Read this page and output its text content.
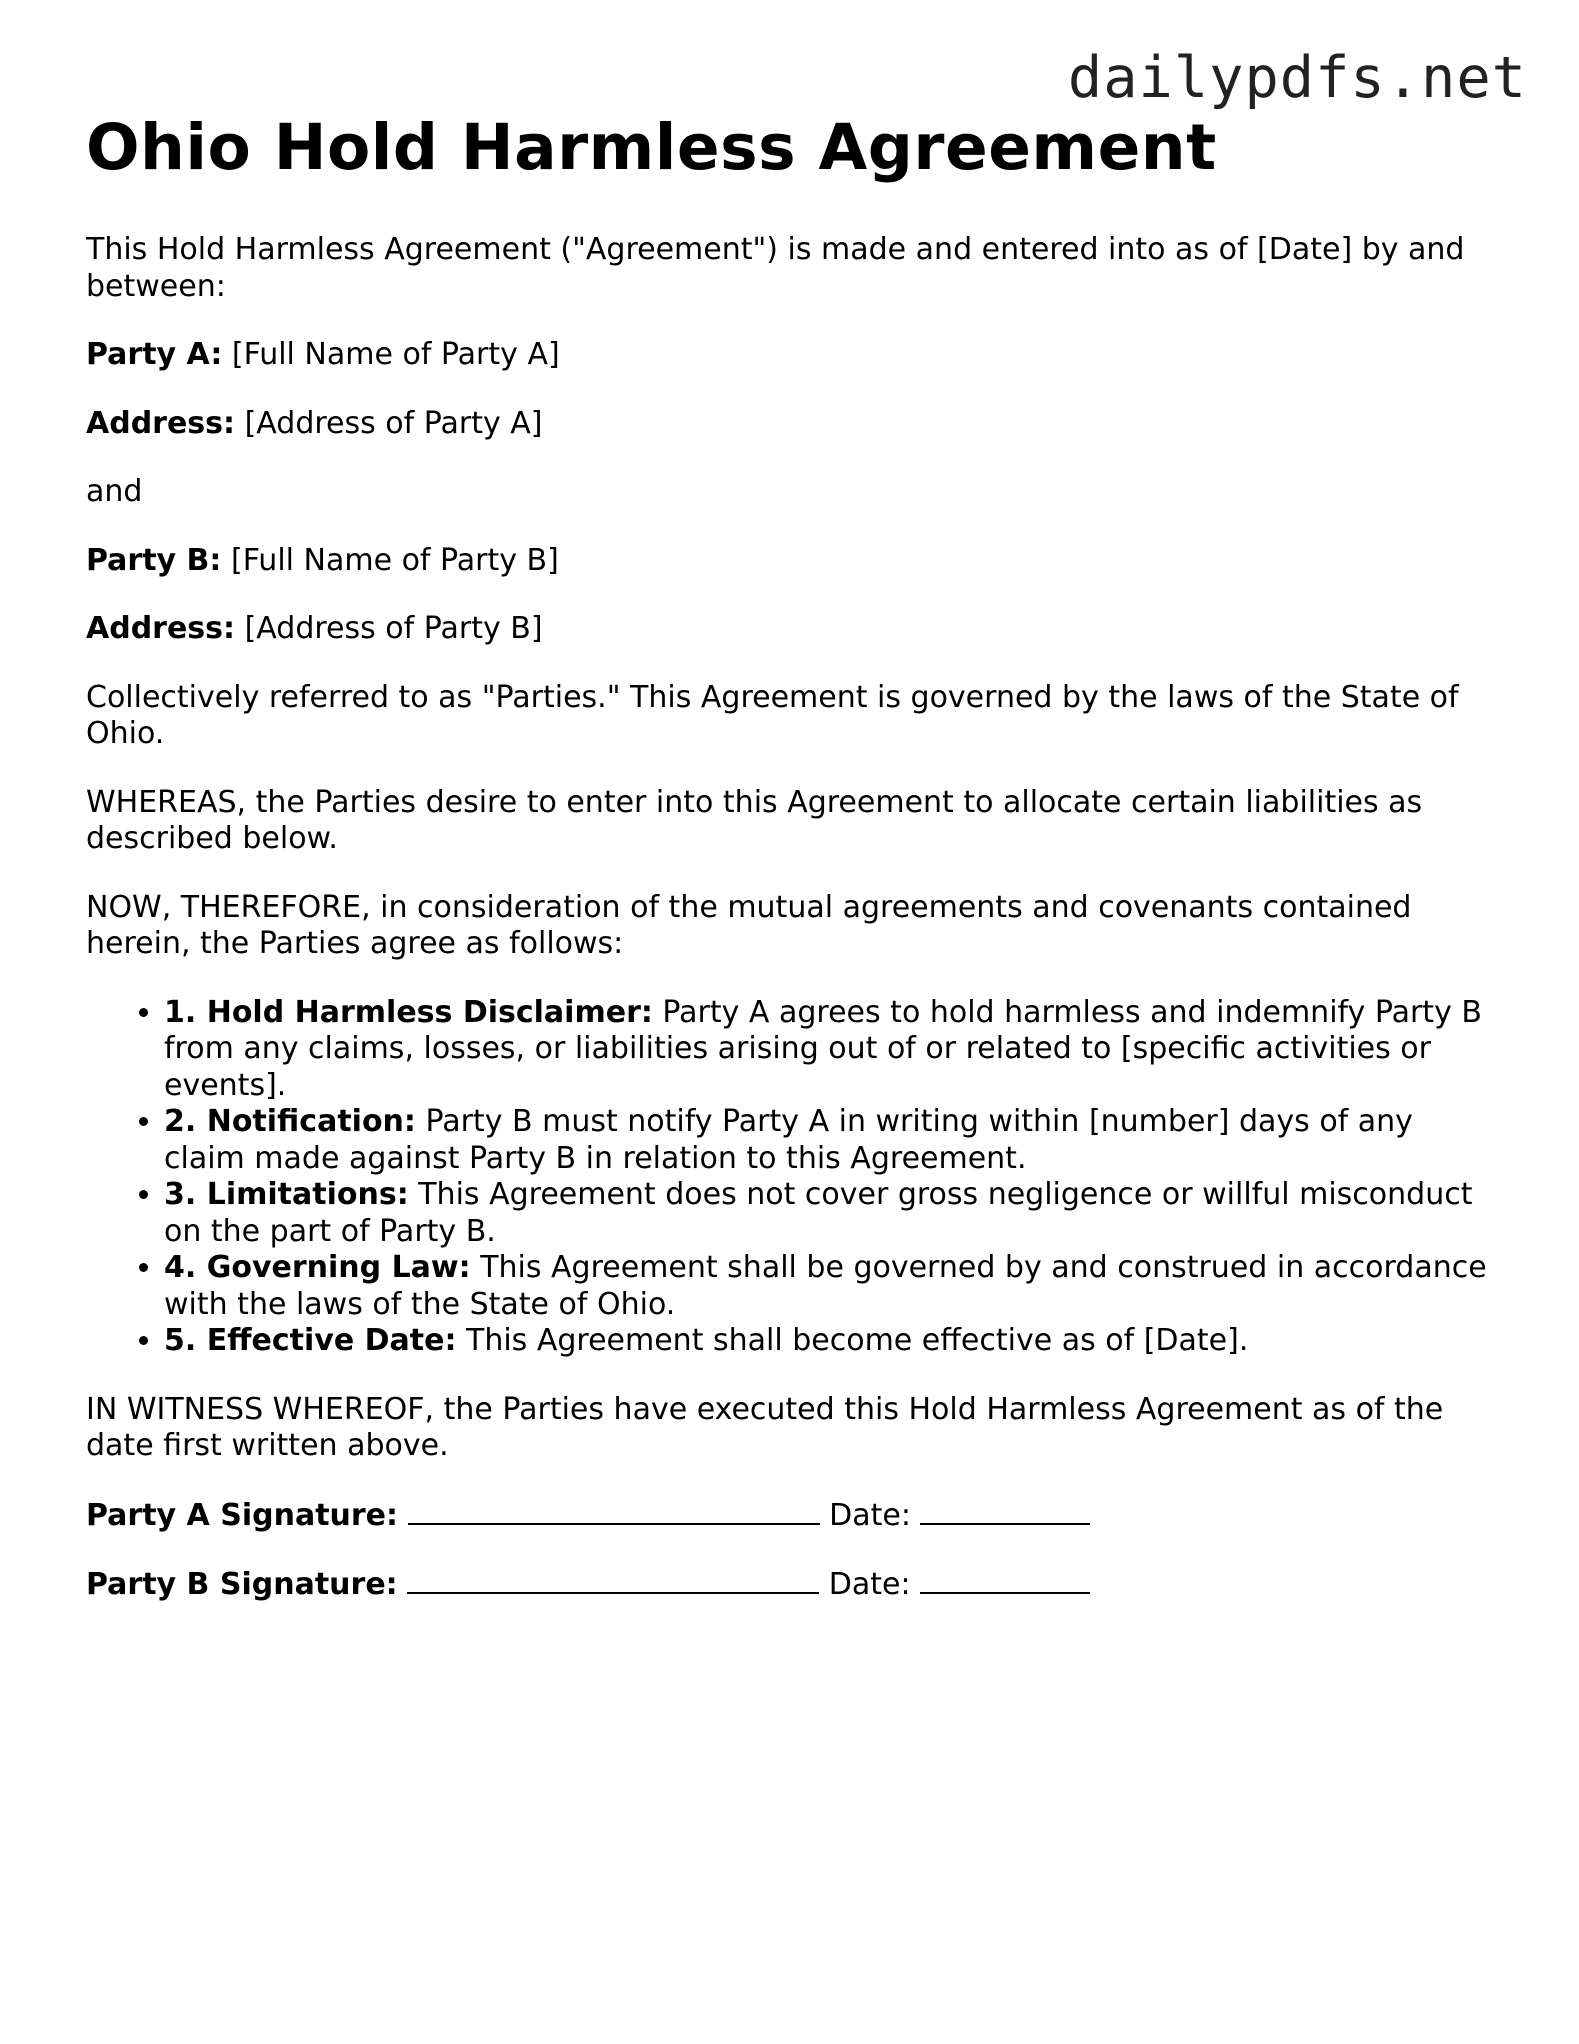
dailypdfs.net
Ohio Hold Harmless Agreement

This Hold Harmless Agreement ("Agreement") is made and entered into as of [Date] by and between:

Party A: [Full Name of Party A]

Address: [Address of Party A]

and

Party B: [Full Name of Party B]

Address: [Address of Party B]

Collectively referred to as "Parties." This Agreement is governed by the laws of the State of Ohio.

WHEREAS, the Parties desire to enter into this Agreement to allocate certain liabilities as described below.

NOW, THEREFORE, in consideration of the mutual agreements and covenants contained herein, the Parties agree as follows:

• 1. Hold Harmless Disclaimer: Party A agrees to hold harmless and indemnify Party B from any claims, losses, or liabilities arising out of or related to [specific activities or events].
• 2. Notification: Party B must notify Party A in writing within [number] days of any claim made against Party B in relation to this Agreement.
• 3. Limitations: This Agreement does not cover gross negligence or willful misconduct on the part of Party B.
• 4. Governing Law: This Agreement shall be governed by and construed in accordance with the laws of the State of Ohio.
• 5. Effective Date: This Agreement shall become effective as of [Date].

IN WITNESS WHEREOF, the Parties have executed this Hold Harmless Agreement as of the date first written above.

Party A Signature:	Date:

Party B Signature:	Date:
